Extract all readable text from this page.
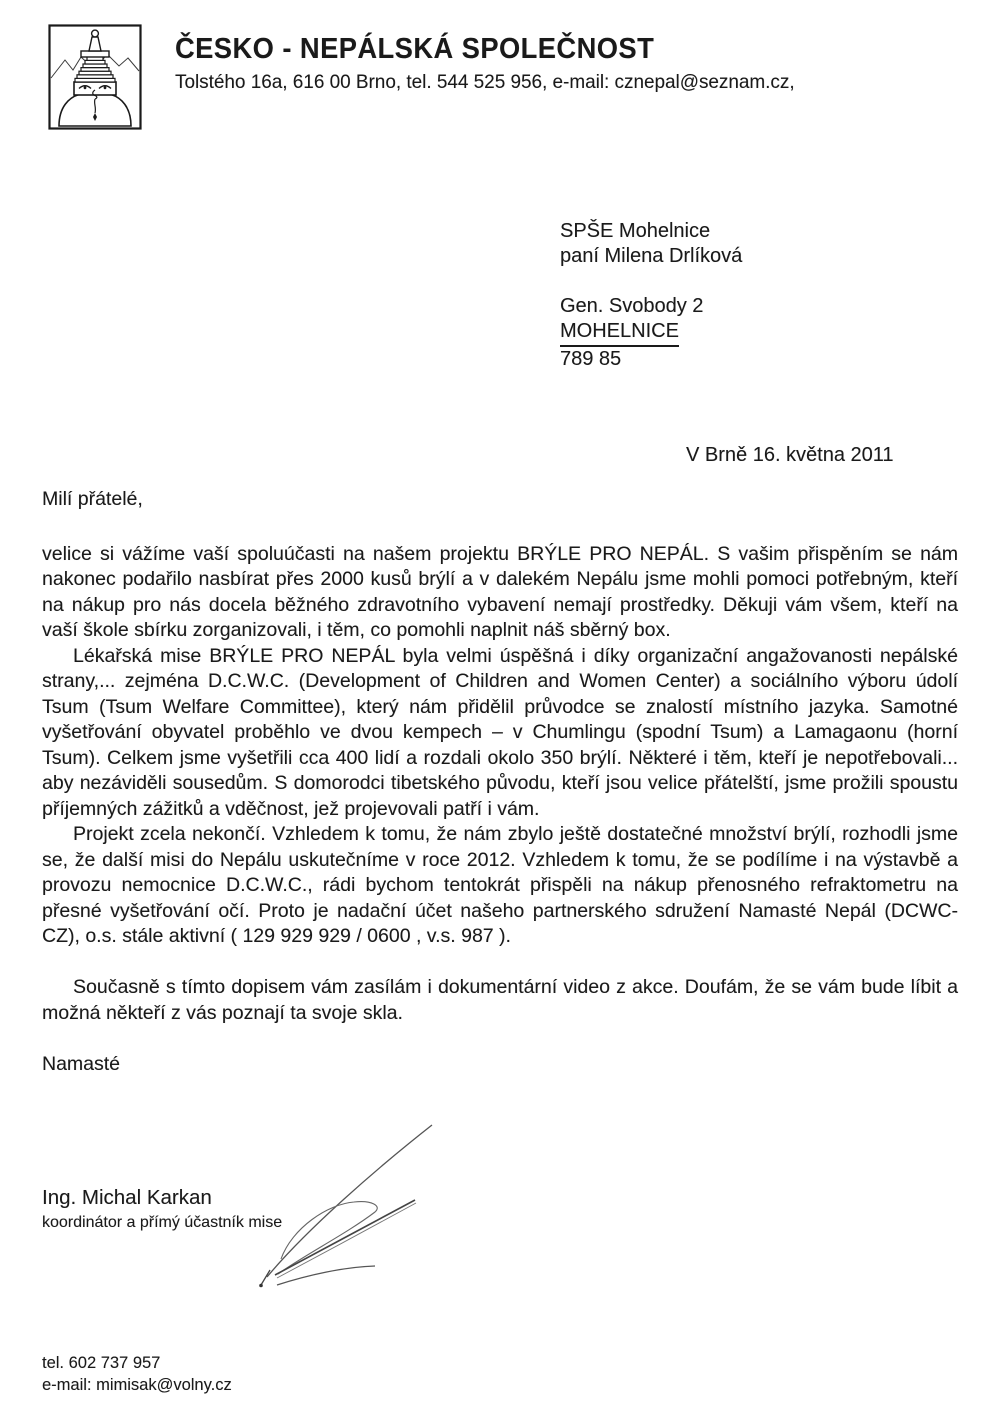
ČESKO - NEPÁLSKÁ SPOLEČNOST
Tolstého 16a, 616 00 Brno, tel. 544 525 956, e-mail: cznepal@seznam.cz,
SPŠE Mohelnice
paní Milena Drlíková
Gen. Svobody 2
MOHELNICE
789 85
V Brně 16. května 2011
Milí přátelé,

velice si vážíme vaší spoluúčasti na našem projektu BRÝLE PRO NEPÁL. S vašim přispěním se nám nakonec podařilo nasbírat přes 2000 kusů brýlí a v dalekém Nepálu jsme mohli pomoci potřebným, kteří na nákup pro nás docela běžného zdravotního vybavení nemají prostředky. Děkuji vám všem, kteří na vaší škole sbírku zorganizovali, i těm, co pomohli naplnit náš sběrný box.

Lékařská mise BRÝLE PRO NEPÁL byla velmi úspěšná i díky organizační angažovanosti nepálské strany,... zejména D.C.W.C. (Development of Children and Women Center) a sociálního výboru údolí Tsum (Tsum Welfare Committee), který nám přidělil průvodce se znalostí místního jazyka. Samotné vyšetřování obyvatel proběhlo ve dvou kempech – v Chumlingu (spodní Tsum) a Lamagaonu (horní Tsum). Celkem jsme vyšetřili cca 400 lidí a rozdali okolo 350 brýlí. Některé i těm, kteří je nepotřebovali... aby nezáviděli sousedům. S domorodci tibetského původu, kteří jsou velice přátelští, jsme prožili spoustu příjemných zážitků a vděčnost, jež projevovali patří i vám.

Projekt zcela nekončí. Vzhledem k tomu, že nám zbylo ještě dostatečné množství brýlí, rozhodli jsme se, že další misi do Nepálu uskutečníme v roce 2012. Vzhledem k tomu, že se podílíme i na výstavbě a provozu nemocnice D.C.W.C., rádi bychom tentokrát přispěli na nákup přenosného refraktometru na přesné vyšetřování očí. Proto je nadační účet našeho partnerského sdružení Namasté Nepál (DCWC-CZ), o.s. stále aktivní ( 129 929 929 / 0600 , v.s. 987 ).

Současně s tímto dopisem vám zasílám i dokumentární video z akce. Doufám, že se vám bude líbit a možná někteří z vás poznají ta svoje skla.

Namasté
Ing. Michal Karkan
koordinátor a přímý účastník mise
tel. 602 737 957
e-mail: mimisak@volny.cz
